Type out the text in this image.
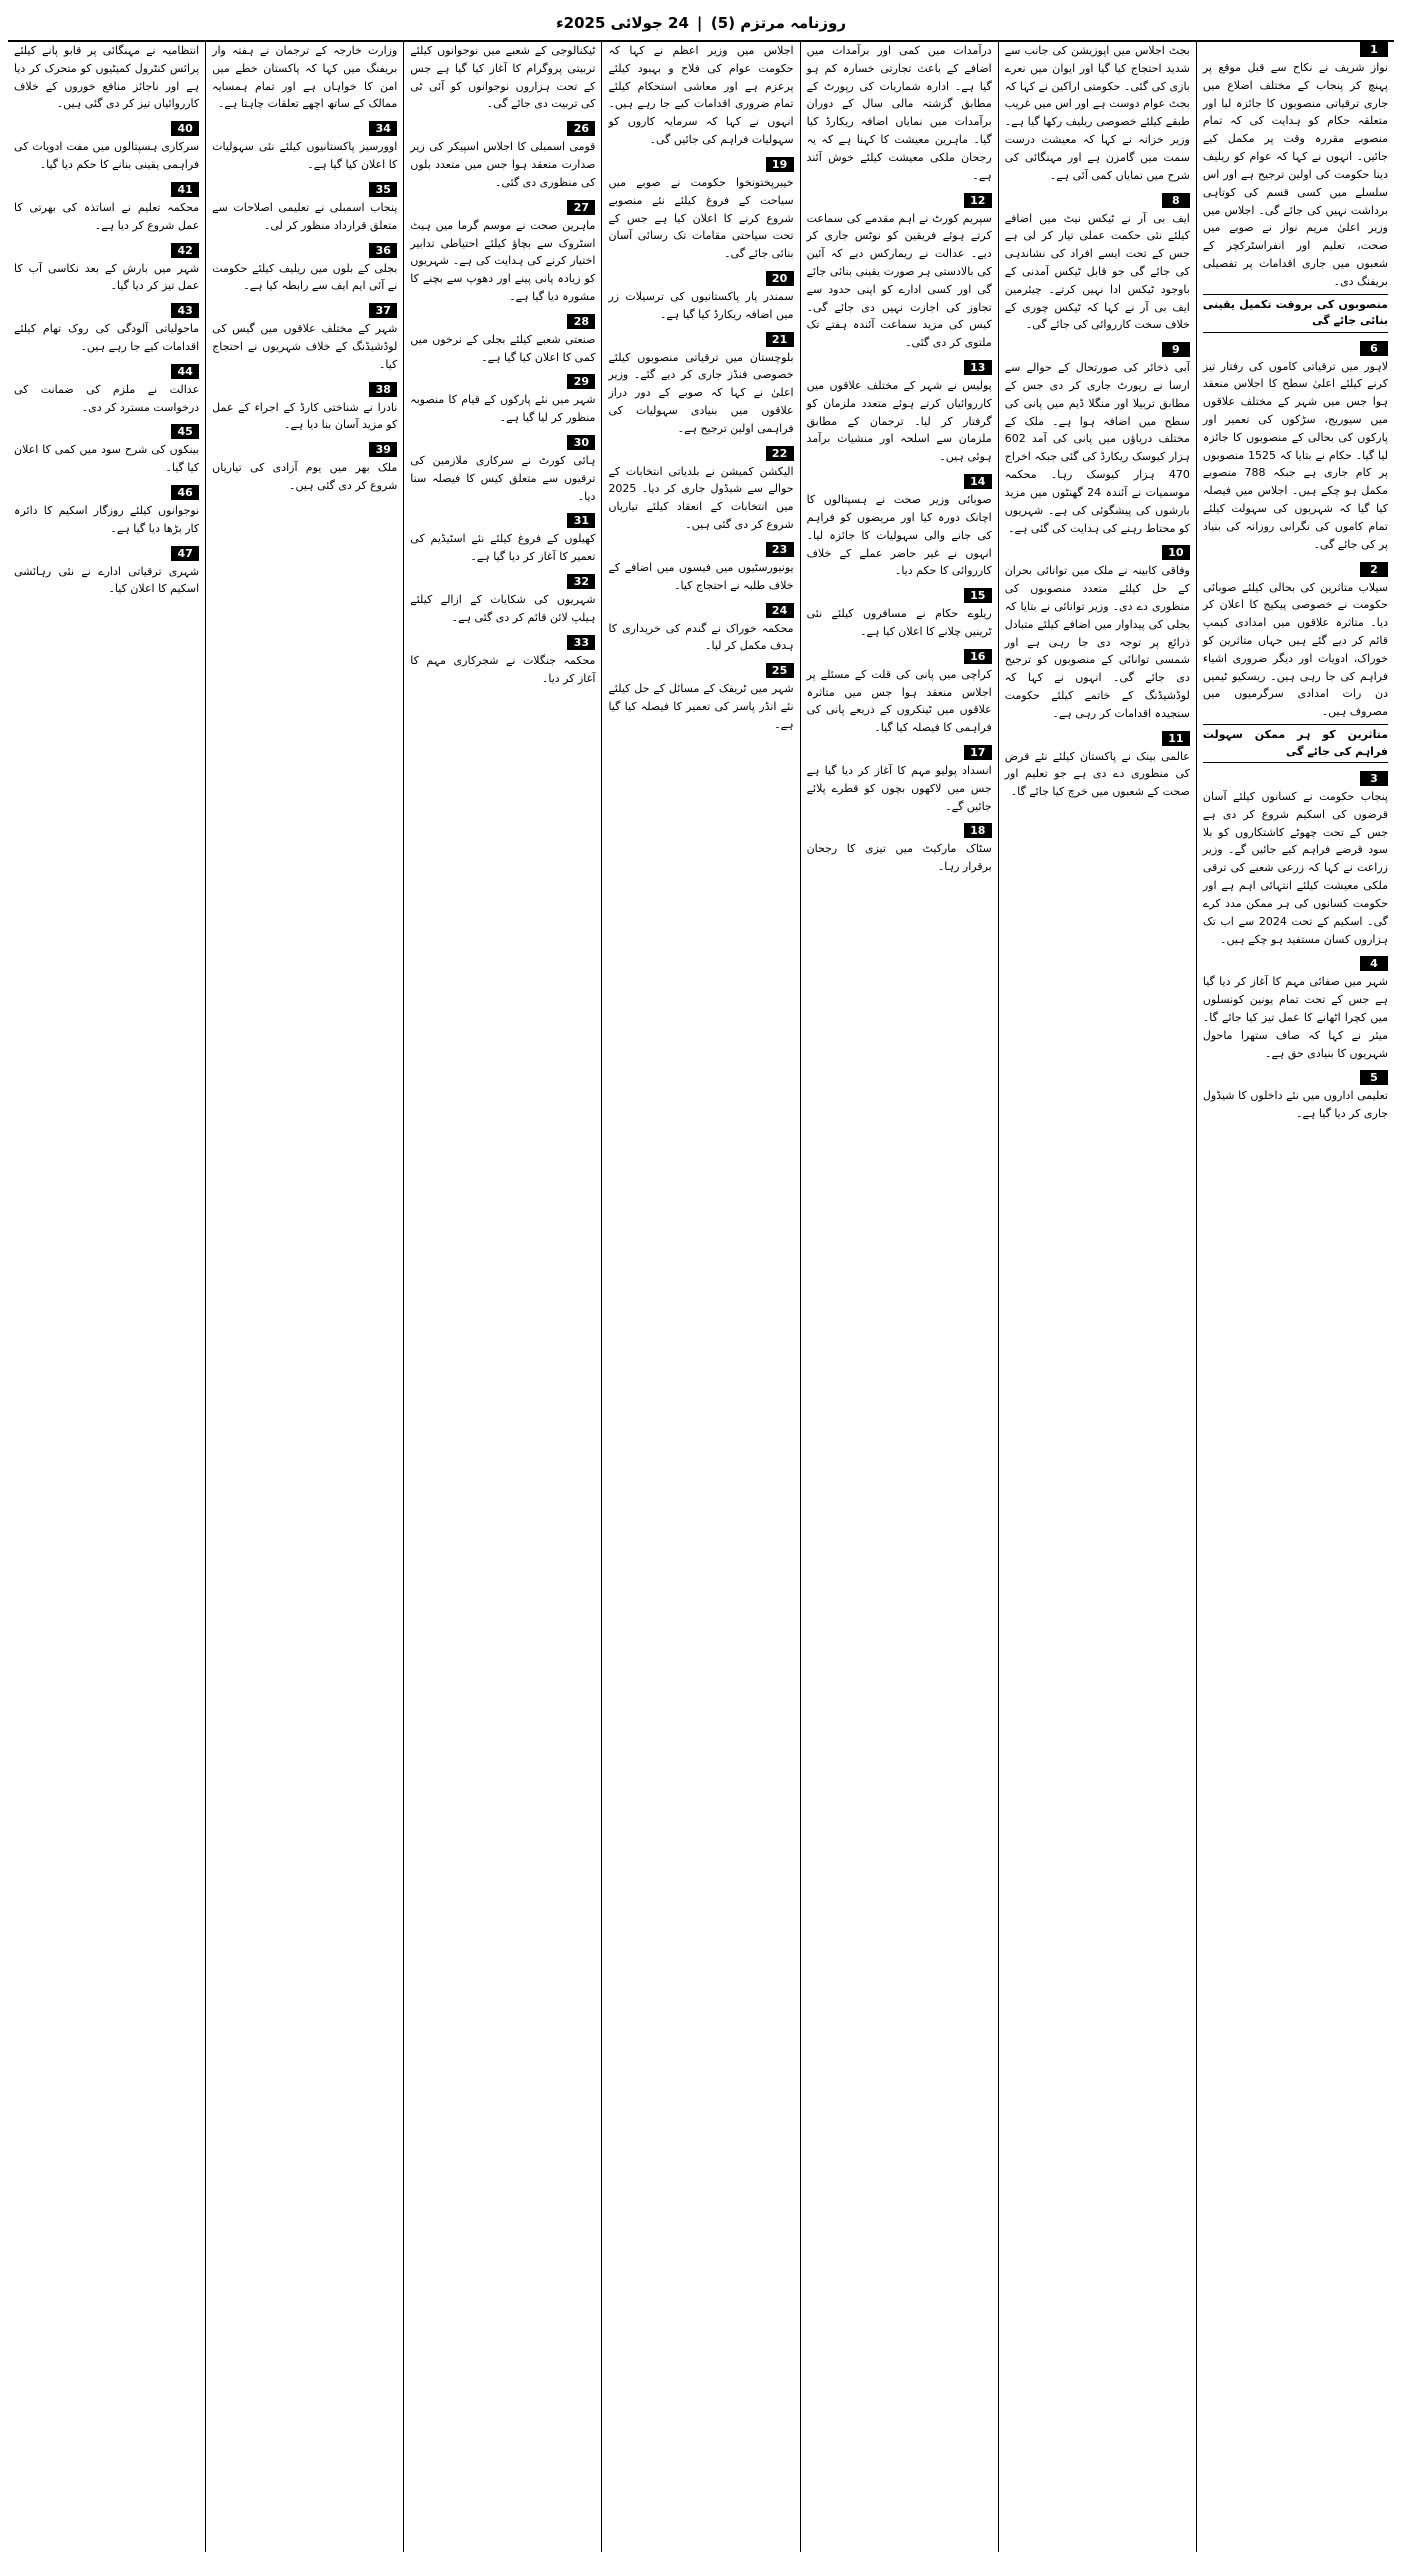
روزنامہ مرتزم (5)
|
24 جولائی 2025ء
1
نواز شریف نے نکاح سے قبل موقع پر پہنچ کر پنجاب کے مختلف اضلاع میں جاری ترقیاتی منصوبوں کا جائزہ لیا اور متعلقہ حکام کو ہدایت کی کہ تمام منصوبے مقررہ وقت پر مکمل کیے جائیں۔ انہوں نے کہا کہ عوام کو ریلیف دینا حکومت کی اولین ترجیح ہے اور اس سلسلے میں کسی قسم کی کوتاہی برداشت نہیں کی جائے گی۔ اجلاس میں وزیر اعلیٰ مریم نواز نے صوبے میں صحت، تعلیم اور انفراسٹرکچر کے شعبوں میں جاری اقدامات پر تفصیلی بریفنگ دی۔
منصوبوں کی بروقت تکمیل یقینی بنائی جائے گی
6
لاہور میں ترقیاتی کاموں کی رفتار تیز کرنے کیلئے اعلیٰ سطح کا اجلاس منعقد ہوا جس میں شہر کے مختلف علاقوں میں سیوریج، سڑکوں کی تعمیر اور پارکوں کی بحالی کے منصوبوں کا جائزہ لیا گیا۔ حکام نے بتایا کہ 1525 منصوبوں پر کام جاری ہے جبکہ 788 منصوبے مکمل ہو چکے ہیں۔ اجلاس میں فیصلہ کیا گیا کہ شہریوں کی سہولت کیلئے تمام کاموں کی نگرانی روزانہ کی بنیاد پر کی جائے گی۔
2
سیلاب متاثرین کی بحالی کیلئے صوبائی حکومت نے خصوصی پیکیج کا اعلان کر دیا۔ متاثرہ علاقوں میں امدادی کیمپ قائم کر دیے گئے ہیں جہاں متاثرین کو خوراک، ادویات اور دیگر ضروری اشیاء فراہم کی جا رہی ہیں۔ ریسکیو ٹیمیں دن رات امدادی سرگرمیوں میں مصروف ہیں۔
متاثرین کو ہر ممکن سہولت فراہم کی جائے گی
3
پنجاب حکومت نے کسانوں کیلئے آسان قرضوں کی اسکیم شروع کر دی ہے جس کے تحت چھوٹے کاشتکاروں کو بلا سود قرضے فراہم کیے جائیں گے۔ وزیر زراعت نے کہا کہ زرعی شعبے کی ترقی ملکی معیشت کیلئے انتہائی اہم ہے اور حکومت کسانوں کی ہر ممکن مدد کرے گی۔ اسکیم کے تحت 2024 سے اب تک ہزاروں کسان مستفید ہو چکے ہیں۔
4
شہر میں صفائی مہم کا آغاز کر دیا گیا ہے جس کے تحت تمام یونین کونسلوں میں کچرا اٹھانے کا عمل تیز کیا جائے گا۔ میئر نے کہا کہ صاف ستھرا ماحول شہریوں کا بنیادی حق ہے۔
5
تعلیمی اداروں میں نئے داخلوں کا شیڈول جاری کر دیا گیا ہے۔
بجٹ اجلاس میں اپوزیشن کی جانب سے شدید احتجاج کیا گیا اور ایوان میں نعرے بازی کی گئی۔ حکومتی اراکین نے کہا کہ بجٹ عوام دوست ہے اور اس میں غریب طبقے کیلئے خصوصی ریلیف رکھا گیا ہے۔ وزیر خزانہ نے کہا کہ معیشت درست سمت میں گامزن ہے اور مہنگائی کی شرح میں نمایاں کمی آئی ہے۔
8
ایف بی آر نے ٹیکس نیٹ میں اضافے کیلئے نئی حکمت عملی تیار کر لی ہے جس کے تحت ایسے افراد کی نشاندہی کی جائے گی جو قابل ٹیکس آمدنی کے باوجود ٹیکس ادا نہیں کرتے۔ چیئرمین ایف بی آر نے کہا کہ ٹیکس چوری کے خلاف سخت کارروائی کی جائے گی۔
9
آبی ذخائر کی صورتحال کے حوالے سے ارسا نے رپورٹ جاری کر دی جس کے مطابق تربیلا اور منگلا ڈیم میں پانی کی سطح میں اضافہ ہوا ہے۔ ملک کے مختلف دریاؤں میں پانی کی آمد 602 ہزار کیوسک ریکارڈ کی گئی جبکہ اخراج 470 ہزار کیوسک رہا۔ محکمہ موسمیات نے آئندہ 24 گھنٹوں میں مزید بارشوں کی پیشگوئی کی ہے۔ شہریوں کو محتاط رہنے کی ہدایت کی گئی ہے۔
10
وفاقی کابینہ نے ملک میں توانائی بحران کے حل کیلئے متعدد منصوبوں کی منظوری دے دی۔ وزیر توانائی نے بتایا کہ بجلی کی پیداوار میں اضافے کیلئے متبادل ذرائع پر توجہ دی جا رہی ہے اور شمسی توانائی کے منصوبوں کو ترجیح دی جائے گی۔ انہوں نے کہا کہ لوڈشیڈنگ کے خاتمے کیلئے حکومت سنجیدہ اقدامات کر رہی ہے۔
11
عالمی بینک نے پاکستان کیلئے نئے قرض کی منظوری دے دی ہے جو تعلیم اور صحت کے شعبوں میں خرچ کیا جائے گا۔
درآمدات میں کمی اور برآمدات میں اضافے کے باعث تجارتی خسارہ کم ہو گیا ہے۔ ادارہ شماریات کی رپورٹ کے مطابق گزشتہ مالی سال کے دوران برآمدات میں نمایاں اضافہ ریکارڈ کیا گیا۔ ماہرین معیشت کا کہنا ہے کہ یہ رجحان ملکی معیشت کیلئے خوش آئند ہے۔
12
سپریم کورٹ نے اہم مقدمے کی سماعت کرتے ہوئے فریقین کو نوٹس جاری کر دیے۔ عدالت نے ریمارکس دیے کہ آئین کی بالادستی ہر صورت یقینی بنائی جائے گی اور کسی ادارے کو اپنی حدود سے تجاوز کی اجازت نہیں دی جائے گی۔ کیس کی مزید سماعت آئندہ ہفتے تک ملتوی کر دی گئی۔
13
پولیس نے شہر کے مختلف علاقوں میں کارروائیاں کرتے ہوئے متعدد ملزمان کو گرفتار کر لیا۔ ترجمان کے مطابق ملزمان سے اسلحہ اور منشیات برآمد ہوئی ہیں۔
14
صوبائی وزیر صحت نے ہسپتالوں کا اچانک دورہ کیا اور مریضوں کو فراہم کی جانے والی سہولیات کا جائزہ لیا۔ انہوں نے غیر حاضر عملے کے خلاف کارروائی کا حکم دیا۔
15
ریلوے حکام نے مسافروں کیلئے نئی ٹرینیں چلانے کا اعلان کیا ہے۔
16
کراچی میں پانی کی قلت کے مسئلے پر اجلاس منعقد ہوا جس میں متاثرہ علاقوں میں ٹینکروں کے ذریعے پانی کی فراہمی کا فیصلہ کیا گیا۔
17
انسداد پولیو مہم کا آغاز کر دیا گیا ہے جس میں لاکھوں بچوں کو قطرے پلائے جائیں گے۔
18
سٹاک مارکیٹ میں تیزی کا رجحان برقرار رہا۔
اجلاس میں وزیر اعظم نے کہا کہ حکومت عوام کی فلاح و بہبود کیلئے پرعزم ہے اور معاشی استحکام کیلئے تمام ضروری اقدامات کیے جا رہے ہیں۔ انہوں نے کہا کہ سرمایہ کاروں کو سہولیات فراہم کی جائیں گی۔
19
خیبرپختونخوا حکومت نے صوبے میں سیاحت کے فروغ کیلئے نئے منصوبے شروع کرنے کا اعلان کیا ہے جس کے تحت سیاحتی مقامات تک رسائی آسان بنائی جائے گی۔
20
سمندر پار پاکستانیوں کی ترسیلات زر میں اضافہ ریکارڈ کیا گیا ہے۔
21
بلوچستان میں ترقیاتی منصوبوں کیلئے خصوصی فنڈز جاری کر دیے گئے۔ وزیر اعلیٰ نے کہا کہ صوبے کے دور دراز علاقوں میں بنیادی سہولیات کی فراہمی اولین ترجیح ہے۔
22
الیکشن کمیشن نے بلدیاتی انتخابات کے حوالے سے شیڈول جاری کر دیا۔ 2025 میں انتخابات کے انعقاد کیلئے تیاریاں شروع کر دی گئی ہیں۔
23
یونیورسٹیوں میں فیسوں میں اضافے کے خلاف طلبہ نے احتجاج کیا۔
24
محکمہ خوراک نے گندم کی خریداری کا ہدف مکمل کر لیا۔
25
شہر میں ٹریفک کے مسائل کے حل کیلئے نئے انڈر پاسز کی تعمیر کا فیصلہ کیا گیا ہے۔
ٹیکنالوجی کے شعبے میں نوجوانوں کیلئے تربیتی پروگرام کا آغاز کیا گیا ہے جس کے تحت ہزاروں نوجوانوں کو آئی ٹی کی تربیت دی جائے گی۔
26
قومی اسمبلی کا اجلاس اسپیکر کی زیر صدارت منعقد ہوا جس میں متعدد بلوں کی منظوری دی گئی۔
27
ماہرین صحت نے موسم گرما میں ہیٹ اسٹروک سے بچاؤ کیلئے احتیاطی تدابیر اختیار کرنے کی ہدایت کی ہے۔ شہریوں کو زیادہ پانی پینے اور دھوپ سے بچنے کا مشورہ دیا گیا ہے۔
28
صنعتی شعبے کیلئے بجلی کے نرخوں میں کمی کا اعلان کیا گیا ہے۔
29
شہر میں نئے پارکوں کے قیام کا منصوبہ منظور کر لیا گیا ہے۔
30
ہائی کورٹ نے سرکاری ملازمین کی ترقیوں سے متعلق کیس کا فیصلہ سنا دیا۔
31
کھیلوں کے فروغ کیلئے نئے اسٹیڈیم کی تعمیر کا آغاز کر دیا گیا ہے۔
32
شہریوں کی شکایات کے ازالے کیلئے ہیلپ لائن قائم کر دی گئی ہے۔
33
محکمہ جنگلات نے شجرکاری مہم کا آغاز کر دیا۔
وزارت خارجہ کے ترجمان نے ہفتہ وار بریفنگ میں کہا کہ پاکستان خطے میں امن کا خواہاں ہے اور تمام ہمسایہ ممالک کے ساتھ اچھے تعلقات چاہتا ہے۔
34
اوورسیز پاکستانیوں کیلئے نئی سہولیات کا اعلان کیا گیا ہے۔
35
پنجاب اسمبلی نے تعلیمی اصلاحات سے متعلق قرارداد منظور کر لی۔
36
بجلی کے بلوں میں ریلیف کیلئے حکومت نے آئی ایم ایف سے رابطہ کیا ہے۔
37
شہر کے مختلف علاقوں میں گیس کی لوڈشیڈنگ کے خلاف شہریوں نے احتجاج کیا۔
38
نادرا نے شناختی کارڈ کے اجراء کے عمل کو مزید آسان بنا دیا ہے۔
39
ملک بھر میں یوم آزادی کی تیاریاں شروع کر دی گئی ہیں۔
انتظامیہ نے مہنگائی پر قابو پانے کیلئے پرائس کنٹرول کمیٹیوں کو متحرک کر دیا ہے اور ناجائز منافع خوروں کے خلاف کارروائیاں تیز کر دی گئی ہیں۔
40
سرکاری ہسپتالوں میں مفت ادویات کی فراہمی یقینی بنانے کا حکم دیا گیا۔
41
محکمہ تعلیم نے اساتذہ کی بھرتی کا عمل شروع کر دیا ہے۔
42
شہر میں بارش کے بعد نکاسی آب کا عمل تیز کر دیا گیا۔
43
ماحولیاتی آلودگی کی روک تھام کیلئے اقدامات کیے جا رہے ہیں۔
44
عدالت نے ملزم کی ضمانت کی درخواست مسترد کر دی۔
45
بینکوں کی شرح سود میں کمی کا اعلان کیا گیا۔
46
نوجوانوں کیلئے روزگار اسکیم کا دائرہ کار بڑھا دیا گیا ہے۔
47
شہری ترقیاتی ادارے نے نئی رہائشی اسکیم کا اعلان کیا۔
